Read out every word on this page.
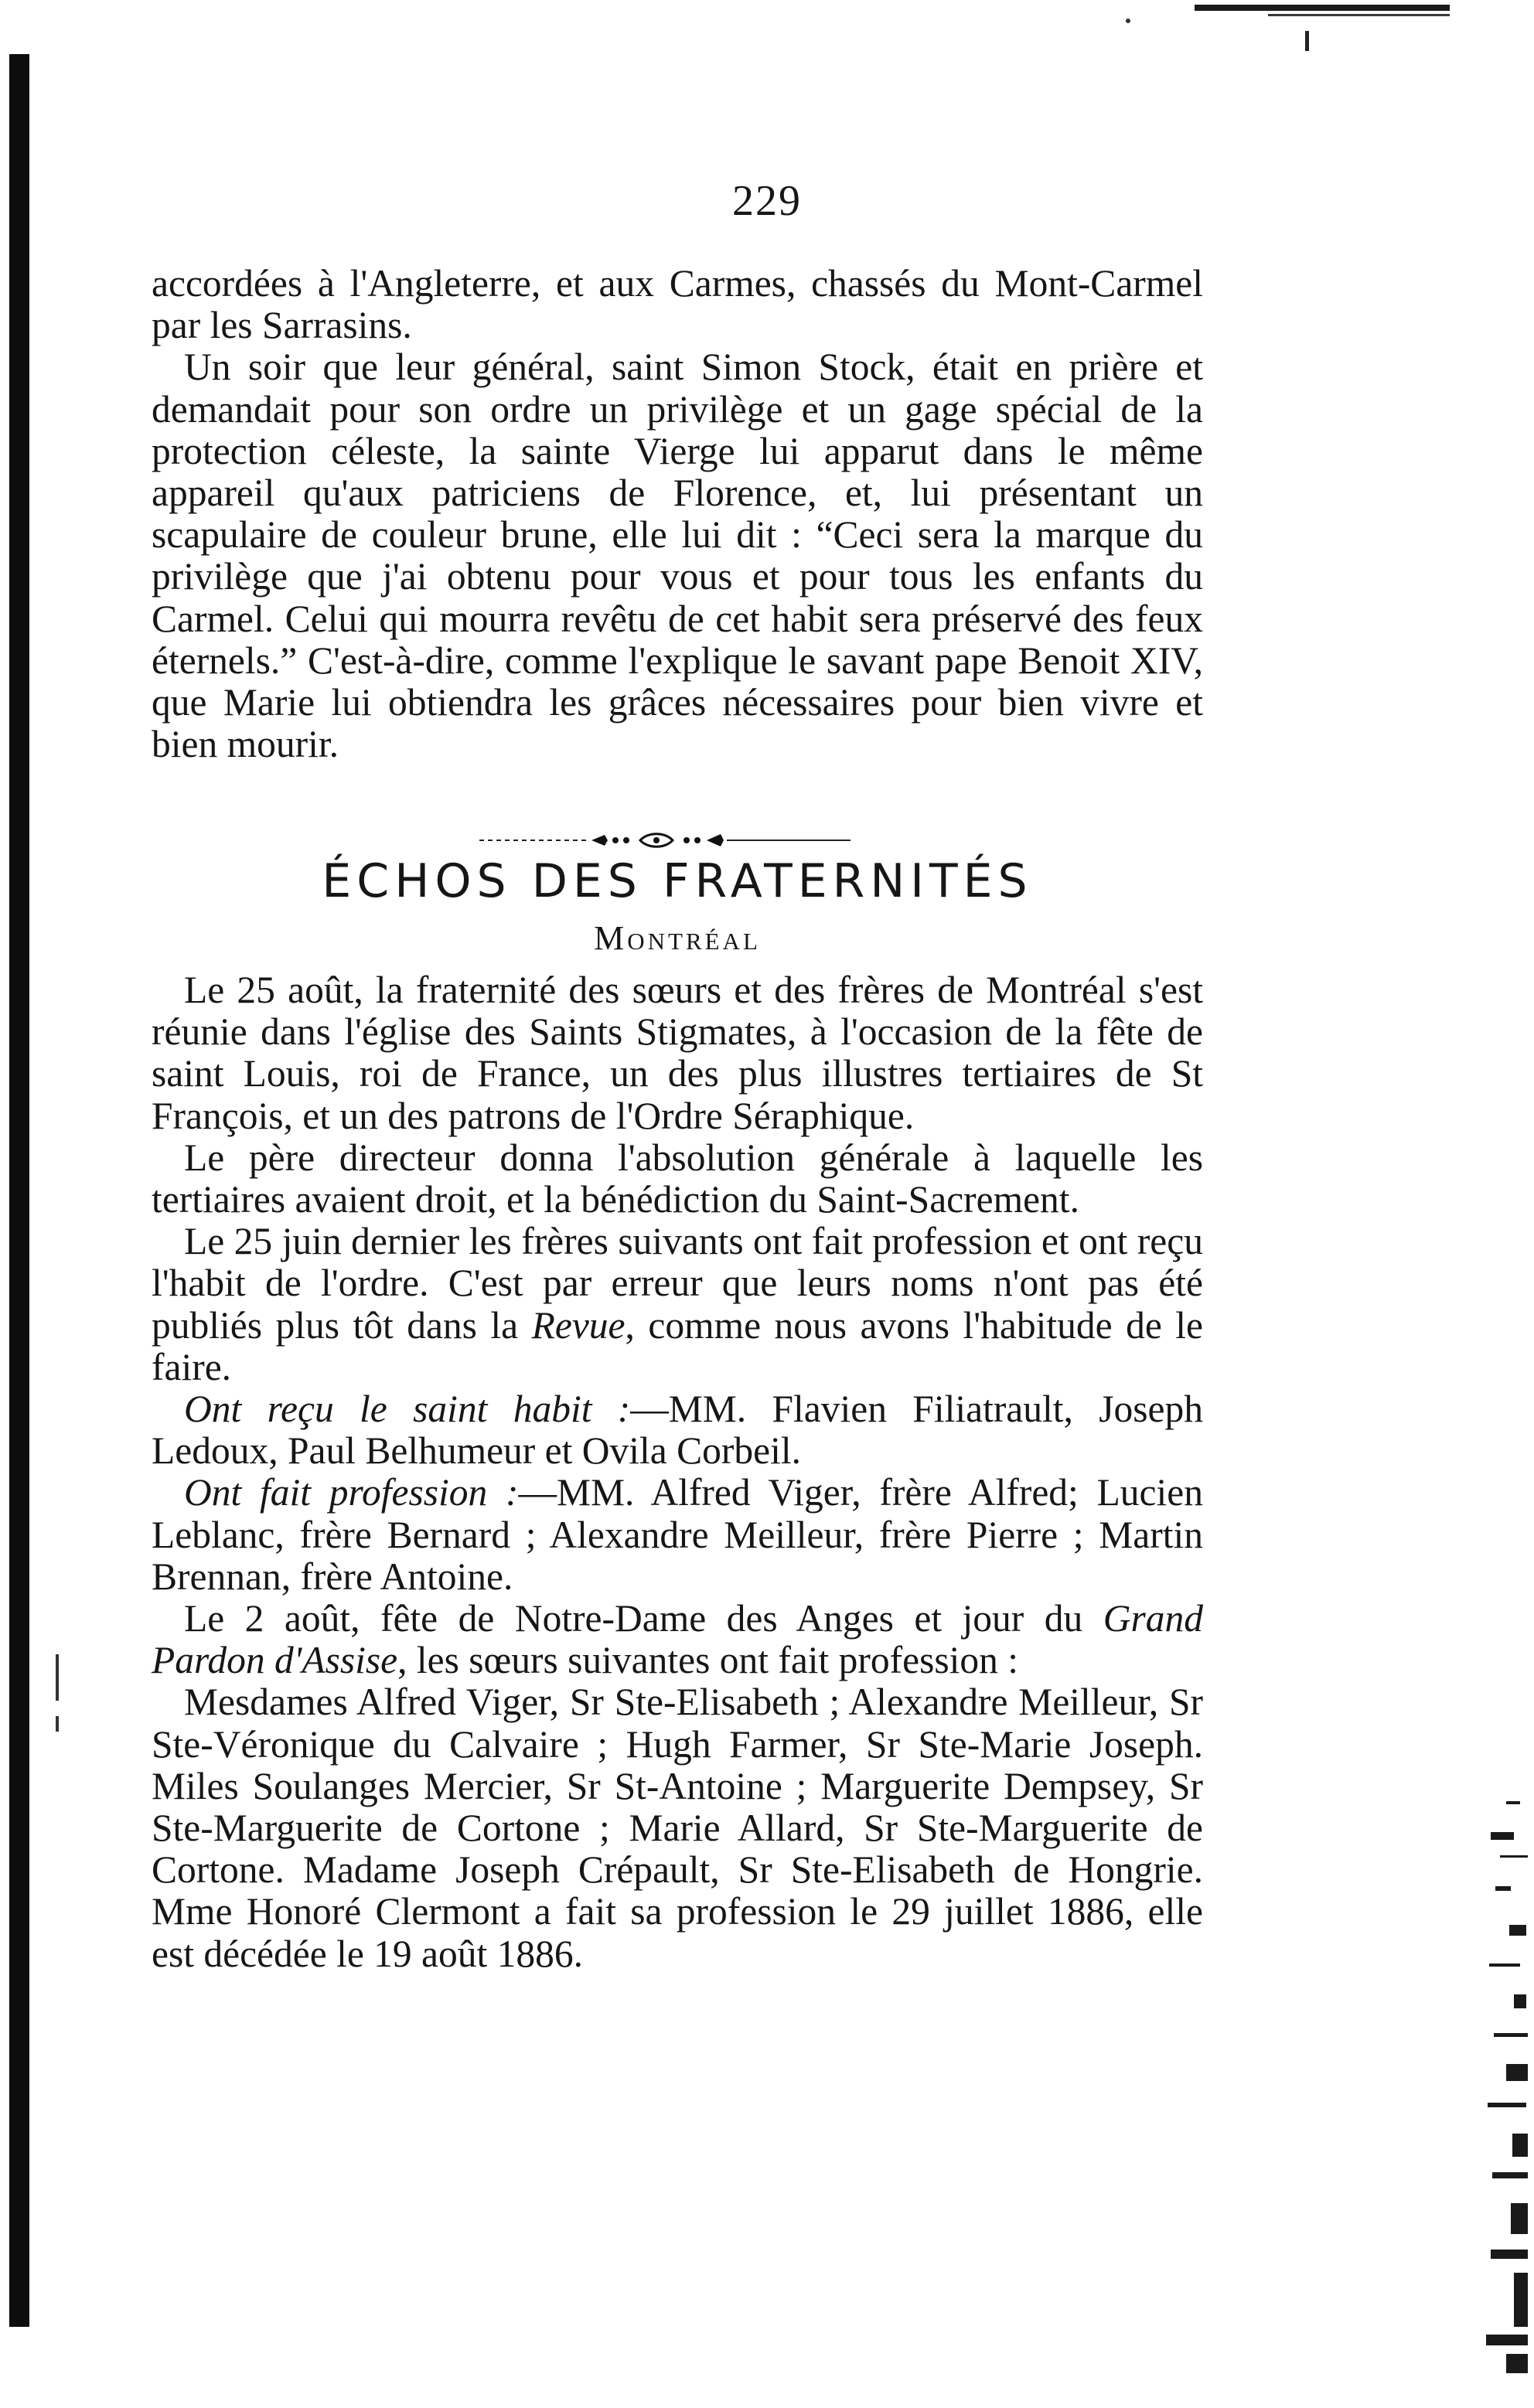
229

accordées à l'Angleterre, et aux Carmes, chassés du Mont-Carmel par les Sarrasins.

Un soir que leur général, saint Simon Stock, était en prière et demandait pour son ordre un privilège et un gage spécial de la protection céleste, la sainte Vierge lui apparut dans le même appareil qu'aux patriciens de Florence, et, lui présentant un scapulaire de couleur brune, elle lui dit : “Ceci sera la marque du privilège que j'ai obtenu pour vous et pour tous les enfants du Carmel. Celui qui mourra revêtu de cet habit sera préservé des feux éternels.” C'est-à-dire, comme l'explique le savant pape Benoit XIV, que Marie lui obtiendra les grâces nécessaires pour bien vivre et bien mourir.

ÉCHOS DES FRATERNITÉS
Montréal

Le 25 août, la fraternité des sœurs et des frères de Montréal s'est réunie dans l'église des Saints Stigmates, à l'occasion de la fête de saint Louis, roi de France, un des plus illustres tertiaires de St François, et un des patrons de l'Ordre Séraphique.

Le père directeur donna l'absolution générale à laquelle les tertiaires avaient droit, et la bénédiction du Saint-Sacrement.

Le 25 juin dernier les frères suivants ont fait profession et ont reçu l'habit de l'ordre. C'est par erreur que leurs noms n'ont pas été publiés plus tôt dans la Revue, comme nous avons l'habitude de le faire.

Ont reçu le saint habit :—MM. Flavien Filiatrault, Joseph Ledoux, Paul Belhumeur et Ovila Corbeil.

Ont fait profession :—MM. Alfred Viger, frère Alfred; Lucien Leblanc, frère Bernard ; Alexandre Meilleur, frère Pierre ; Martin Brennan, frère Antoine.

Le 2 août, fête de Notre-Dame des Anges et jour du Grand Pardon d'Assise, les sœurs suivantes ont fait profession :

Mesdames Alfred Viger, Sr Ste-Elisabeth ; Alexandre Meilleur, Sr Ste-Véronique du Calvaire ; Hugh Farmer, Sr Ste-Marie Joseph. Miles Soulanges Mercier, Sr St-Antoine ; Marguerite Dempsey, Sr Ste-Marguerite de Cortone ; Marie Allard, Sr Ste-Marguerite de Cortone. Madame Joseph Crépault, Sr Ste-Elisabeth de Hongrie. Mme Honoré Clermont a fait sa profession le 29 juillet 1886, elle est décédée le 19 août 1886.
